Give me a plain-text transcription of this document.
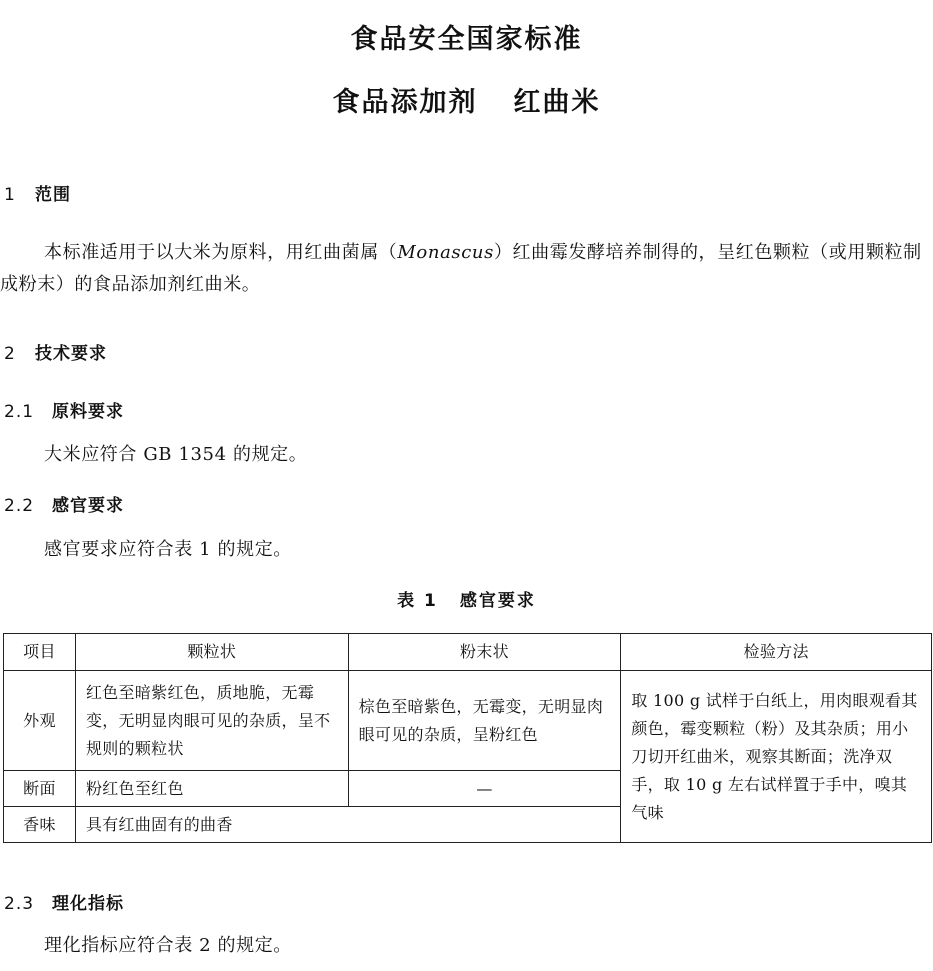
食品安全国家标准
食品添加剂 红曲米
1 范围
本标准适用于以大米为原料，用红曲菌属（Monascus）红曲霉发酵培养制得的，呈红色颗粒（或用颗粒制成粉末）的食品添加剂红曲米。
2 技术要求
2.1 原料要求
大米应符合 GB 1354 的规定。
2.2 感官要求
感官要求应符合表 1 的规定。
表 1 感官要求
项目	颗粒状	粉末状	检验方法
外观	红色至暗紫红色，质地脆，无霉变，无明显肉眼可见的杂质，呈不规则的颗粒状	棕色至暗紫色，无霉变，无明显肉眼可见的杂质，呈粉红色	取 100 g 试样于白纸上，用肉眼观看其颜色，霉变颗粒（粉）及其杂质；用小刀切开红曲米，观察其断面；洗净双手，取 10 g 左右试样置于手中，嗅其气味
断面	粉红色至红色	—	
香味	具有红曲固有的曲香		
2.3 理化指标
理化指标应符合表 2 的规定。
